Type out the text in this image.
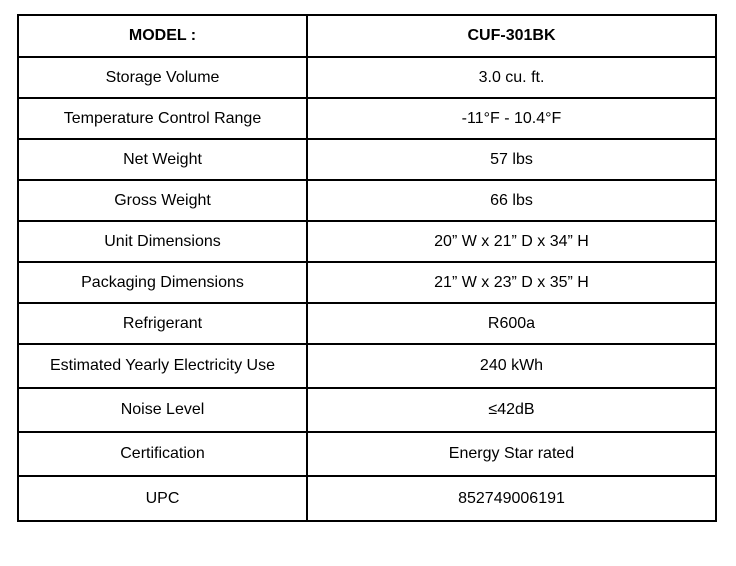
MODEL :	CUF-301BK
Storage Volume	3.0 cu. ft.
Temperature Control Range	-11°F - 10.4°F
Net Weight	57 lbs
Gross Weight	66 lbs
Unit Dimensions	20” W x 21” D x 34” H
Packaging Dimensions	21” W x 23” D x 35” H
Refrigerant	R600a
Estimated Yearly Electricity Use	240 kWh
Noise Level	≤42dB
Certification	Energy Star rated
UPC	852749006191
